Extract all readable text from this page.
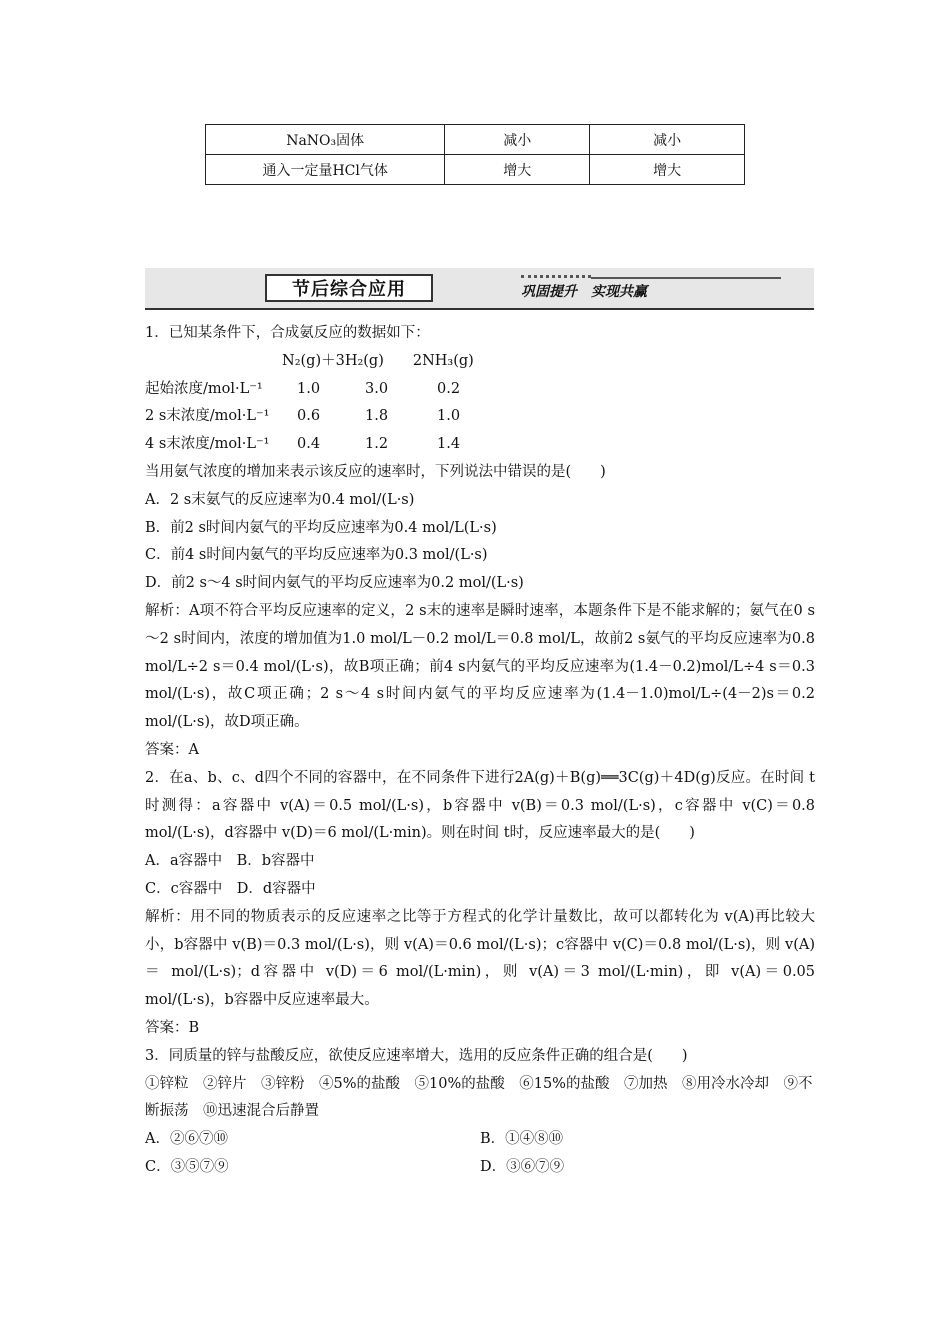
NaNO₃固体	减小	减小
通入一定量HCl气体	增大	增大
节后综合应用	巩固提升　实现共赢

1．已知某条件下，合成氨反应的数据如下：

N₂(g)＋3H₂(g)　　2NH₃(g)

起始浓度/mol·L⁻¹ 1.0	3.0	0.2

2 s末浓度/mol·L⁻¹ 0.6	1.8	1.0

4 s末浓度/mol·L⁻¹ 0.4	1.2	1.4

当用氨气浓度的增加来表示该反应的速率时，下列说法中错误的是(　　)

A．2 s末氨气的反应速率为0.4 mol/(L·s)

B．前2 s时间内氨气的平均反应速率为0.4 mol/L(L·s)

C．前4 s时间内氨气的平均反应速率为0.3 mol/(L·s)

D．前2 s～4 s时间内氨气的平均反应速率为0.2 mol/(L·s)

解析：A项不符合平均反应速率的定义，2 s末的速率是瞬时速率，本题条件下是不能求解的；氨气在0 s～2 s时间内，浓度的增加值为1.0 mol/L－0.2 mol/L＝0.8 mol/L，故前2 s氨气的平均反应速率为0.8 mol/L÷2 s＝0.4 mol/(L·s)，故B项正确；前4 s内氨气的平均反应速率为(1.4－0.2)mol/L÷4 s＝0.3 mol/(L·s)，故C项正确；2 s～4 s时间内氨气的平均反应速率为(1.4－1.0)mol/L÷(4－2)s＝0.2 mol/(L·s)，故D项正确。

答案：A

2．在a、b、c、d四个不同的容器中，在不同条件下进行2A(g)＋B(g)══3C(g)＋4D(g)反应。在时间 t时测得：a容器中 v(A)＝0.5 mol/(L·s)，b容器中 v(B)＝0.3 mol/(L·s)，c容器中 v(C)＝0.8 mol/(L·s)，d容器中 v(D)＝6 mol/(L·min)。则在时间 t时，反应速率最大的是(　　)

A．a容器中　B．b容器中

C．c容器中　D．d容器中

解析：用不同的物质表示的反应速率之比等于方程式的化学计量数比，故可以都转化为 v(A)再比较大小，b容器中 v(B)＝0.3 mol/(L·s)，则 v(A)＝0.6 mol/(L·s)；c容器中 v(C)＝0.8 mol/(L·s)，则 v(A)＝ mol/(L·s)；d容器中 v(D)＝6 mol/(L·min)，则 v(A)＝3 mol/(L·min)，即 v(A)＝0.05 mol/(L·s)，b容器中反应速率最大。

答案：B

3．同质量的锌与盐酸反应，欲使反应速率增大，选用的反应条件正确的组合是(　　)

①锌粒　②锌片　③锌粉　④5%的盐酸　⑤10%的盐酸　⑥15%的盐酸　⑦加热　⑧用冷水冷却　⑨不断振荡　⑩迅速混合后静置

A．②⑥⑦⑩	B．①④⑧⑩

C．③⑤⑦⑨	D．③⑥⑦⑨
